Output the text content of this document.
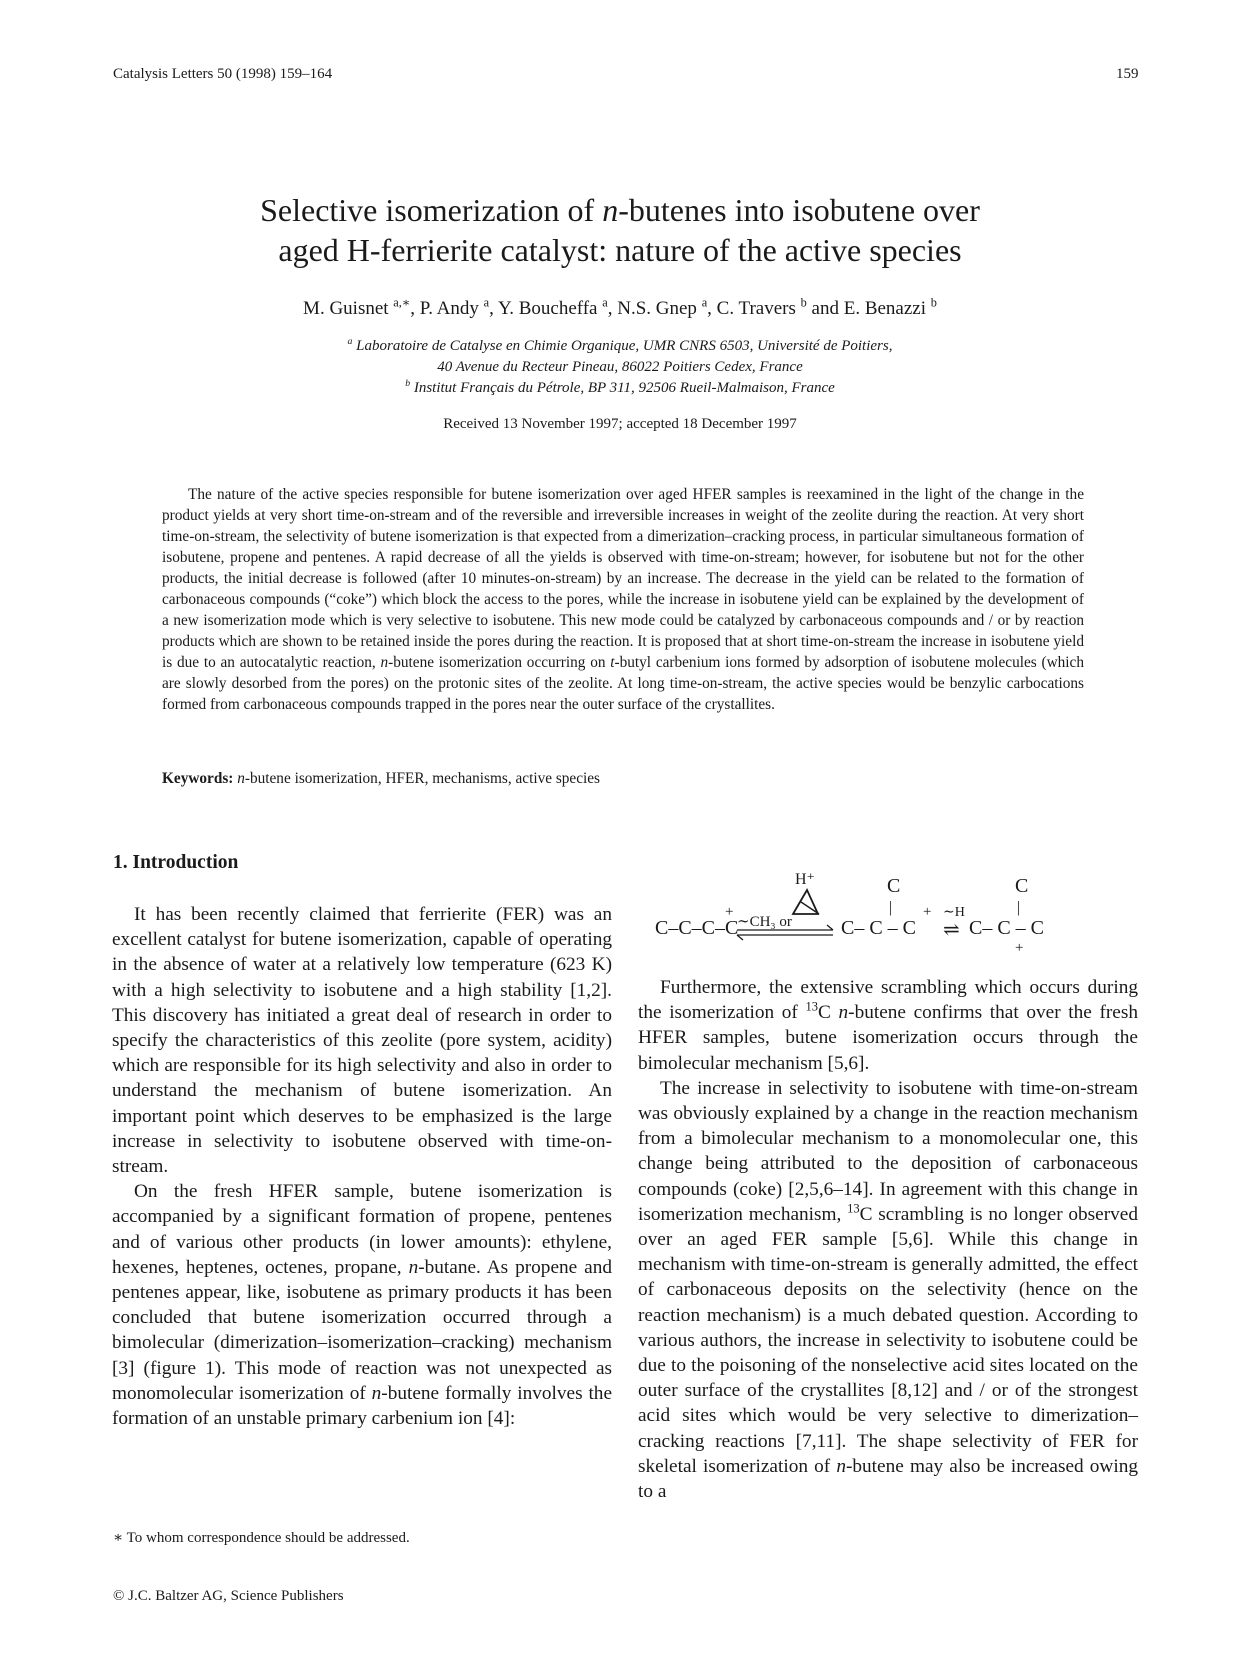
Catalysis Letters 50 (1998) 159–164	159
Selective isomerization of n-butenes into isobutene over
aged H-ferrierite catalyst: nature of the active species
M. Guisnet $^{a,∗}$, P. Andy $^a$, Y. Boucheffa $^a$, N.S. Gnep $^a$, C. Travers $^b$ and E. Benazzi $^b$
$^a$ Laboratoire de Catalyse en Chimie Organique, UMR CNRS 6503, Université de Poitiers,
40 Avenue du Recteur Pineau, 86022 Poitiers Cedex, France
$^b$ Institut Français du Pétrole, BP 311, 92506 Rueil-Malmaison, France
Received 13 November 1997; accepted 18 December 1997

The nature of the active species responsible for butene isomerization over aged HFER samples is reexamined in the light of the change in the product yields at very short time-on-stream and of the reversible and irreversible increases in weight of the zeolite during the reaction. At very short time-on-stream, the selectivity of butene isomerization is that expected from a dimerization–cracking process, in particular simultaneous formation of isobutene, propene and pentenes. A rapid decrease of all the yields is observed with time-on-stream; however, for isobutene but not for the other products, the initial decrease is followed (after 10 minutes-on-stream) by an increase. The decrease in the yield can be related to the formation of carbonaceous compounds (“coke”) which block the access to the pores, while the increase in isobutene yield can be explained by the development of a new isomerization mode which is very selective to isobutene. This new mode could be catalyzed by carbonaceous compounds and / or by reaction products which are shown to be retained inside the pores during the reaction. It is proposed that at short time-on-stream the increase in isobutene yield is due to an autocatalytic reaction, n-butene isomerization occurring on t-butyl carbenium ions formed by adsorption of isobutene molecules (which are slowly desorbed from the pores) on the protonic sites of the zeolite. At long time-on-stream, the active species would be benzylic carbocations formed from carbonaceous compounds trapped in the pores near the outer surface of the crystallites.

Keywords: n-butene isomerization, HFER, mechanisms, active species
1. Introduction

It has been recently claimed that ferrierite (FER) was an excellent catalyst for butene isomerization, capable of operating in the absence of water at a relatively low temperature (623 K) with a high selectivity to isobutene and a high stability [1,2]. This discovery has initiated a great deal of research in order to specify the characteristics of this zeolite (pore system, acidity) which are responsible for its high selectivity and also in order to understand the mechanism of butene isomerization. An important point which deserves to be emphasized is the large increase in selectivity to isobutene observed with time-on-stream.

On the fresh HFER sample, butene isomerization is accompanied by a significant formation of propene, pentenes and of various other products (in lower amounts): ethylene, hexenes, heptenes, octenes, propane, n-butane. As propene and pentenes appear, like, isobutene as primary products it has been concluded that butene isomerization occurred through a bimolecular (dimerization–isomerization–cracking) mechanism [3] (figure 1). This mode of reaction was not unexpected as monomolecular isomerization of n-butene formally involves the formation of an unstable primary carbenium ion [4]:

H⁺	C
|
C
|
+
C–C–C–C
∼CH₃ or C– C – C
+ ∼H
⇌ C– C – C
+

Furthermore, the extensive scrambling which occurs during the isomerization of $^{13}$C n-butene confirms that over the fresh HFER samples, butene isomerization occurs through the bimolecular mechanism [5,6].

The increase in selectivity to isobutene with time-on-stream was obviously explained by a change in the reaction mechanism from a bimolecular mechanism to a monomolecular one, this change being attributed to the deposition of carbonaceous compounds (coke) [2,5,6–14]. In agreement with this change in isomerization mechanism, $^{13}$C scrambling is no longer observed over an aged FER sample [5,6]. While this change in mechanism with time-on-stream is generally admitted, the effect of carbonaceous deposits on the selectivity (hence on the reaction mechanism) is a much debated question. According to various authors, the increase in selectivity to isobutene could be due to the poisoning of the nonselective acid sites located on the outer surface of the crystallites [8,12] and / or of the strongest acid sites which would be very selective to dimerization–cracking reactions [7,11]. The shape selectivity of FER for skeletal isomerization of n-butene may also be increased owing to a

∗ To whom correspondence should be addressed.
© J.C. Baltzer AG, Science Publishers
